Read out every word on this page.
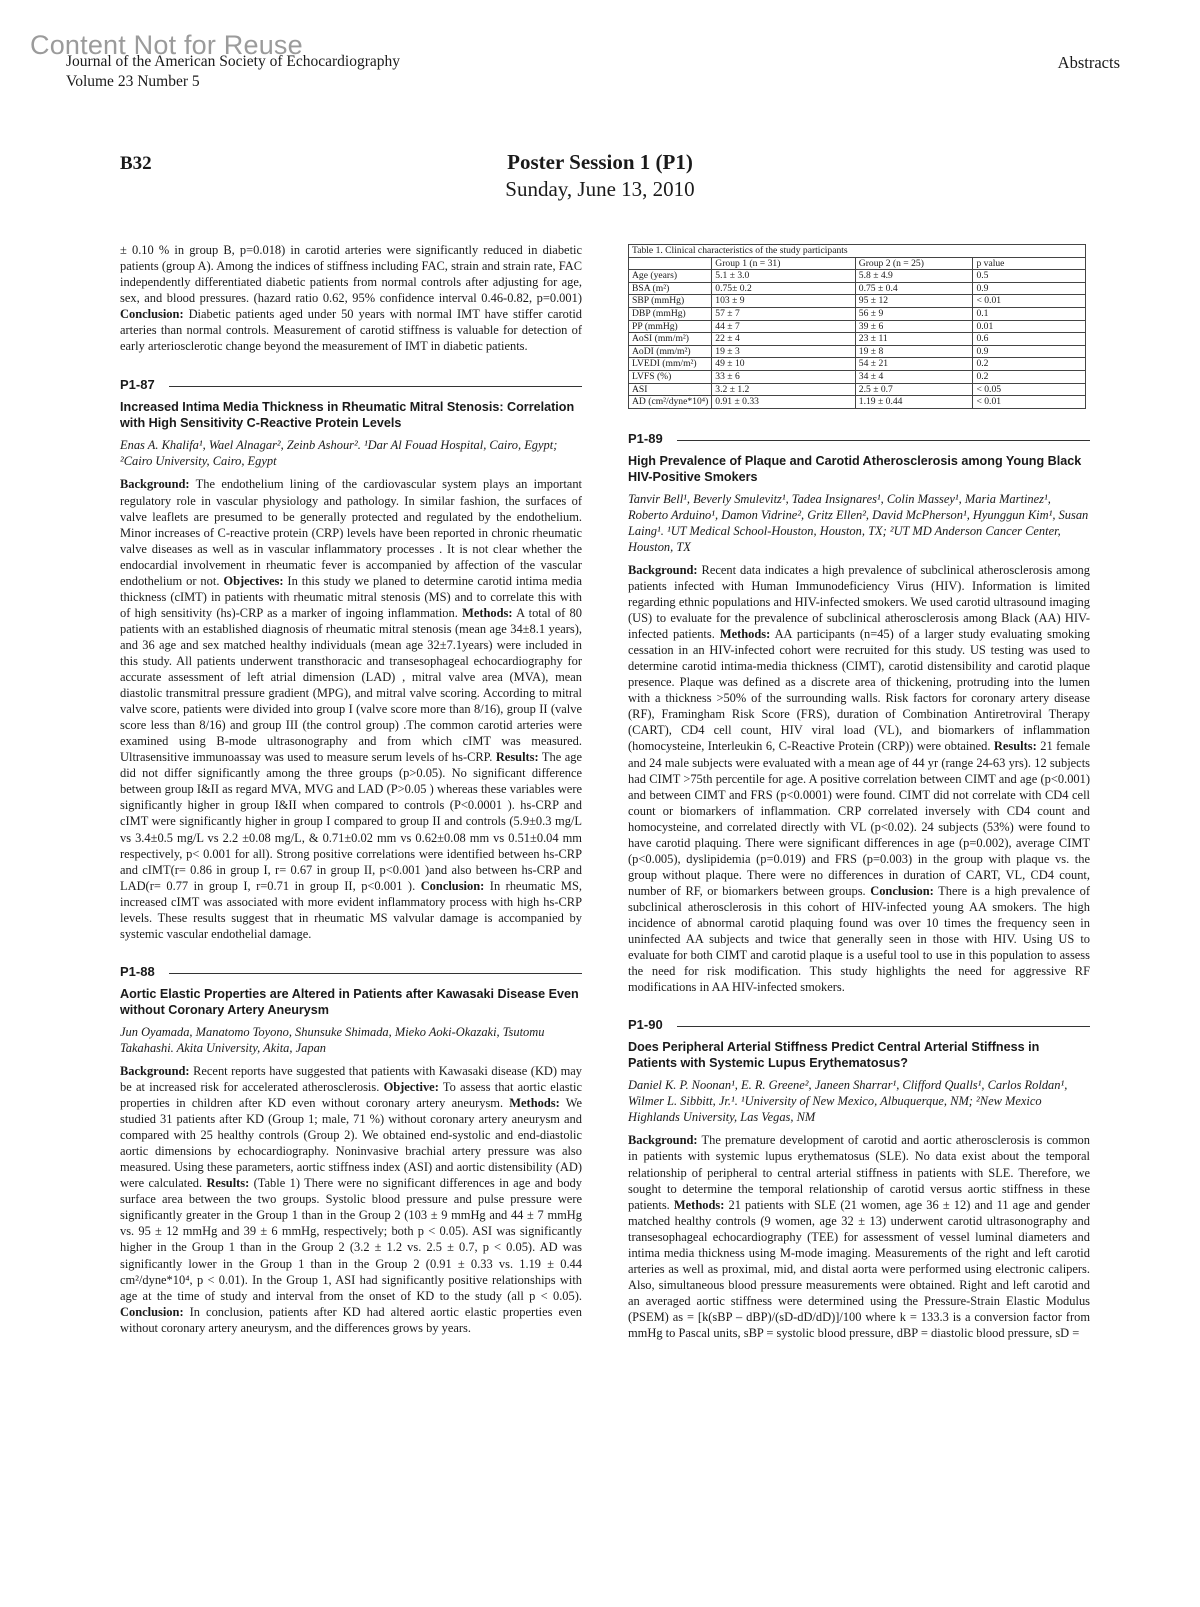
Content Not for Reuse
Journal of the American Society of Echocardiography
Volume 23 Number 5
Abstracts
B32	Poster Session 1 (P1)
Sunday, June 13, 2010

± 0.10 % in group B, p=0.018) in carotid arteries were significantly reduced in diabetic patients (group A). Among the indices of stiffness including FAC, strain and strain rate, FAC independently differentiated diabetic patients from normal controls after adjusting for age, sex, and blood pressures. (hazard ratio 0.62, 95% confidence interval 0.46-0.82, p=0.001) Conclusion: Diabetic patients aged under 50 years with normal IMT have stiffer carotid arteries than normal controls. Measurement of carotid stiffness is valuable for detection of early arteriosclerotic change beyond the measurement of IMT in diabetic patients.

P1-87
Increased Intima Media Thickness in Rheumatic Mitral Stenosis: Correlation with High Sensitivity C-Reactive Protein Levels
Enas A. Khalifa¹, Wael Alnagar², Zeinb Ashour². ¹Dar Al Fouad Hospital, Cairo, Egypt; ²Cairo University, Cairo, Egypt

Background: The endothelium lining of the cardiovascular system plays an important regulatory role in vascular physiology and pathology. In similar fashion, the surfaces of valve leaflets are presumed to be generally protected and regulated by the endothelium. Minor increases of C-reactive protein (CRP) levels have been reported in chronic rheumatic valve diseases as well as in vascular inflammatory processes . It is not clear whether the endocardial involvement in rheumatic fever is accompanied by affection of the vascular endothelium or not. Objectives: In this study we planed to determine carotid intima media thickness (cIMT) in patients with rheumatic mitral stenosis (MS) and to correlate this with of high sensitivity (hs)-CRP as a marker of ingoing inflammation. Methods: A total of 80 patients with an established diagnosis of rheumatic mitral stenosis (mean age 34±8.1 years), and 36 age and sex matched healthy individuals (mean age 32±7.1years) were included in this study. All patients underwent transthoracic and transesophageal echocardiography for accurate assessment of left atrial dimension (LAD) , mitral valve area (MVA), mean diastolic transmitral pressure gradient (MPG), and mitral valve scoring. According to mitral valve score, patients were divided into group I (valve score more than 8/16), group II (valve score less than 8/16) and group III (the control group) .The common carotid arteries were examined using B-mode ultrasonography and from which cIMT was measured. Ultrasensitive immunoassay was used to measure serum levels of hs-CRP. Results: The age did not differ significantly among the three groups (p>0.05). No significant difference between group I&II as regard MVA, MVG and LAD (P>0.05 ) whereas these variables were significantly higher in group I&II when compared to controls (P<0.0001 ). hs-CRP and cIMT were significantly higher in group I compared to group II and controls (5.9±0.3 mg/L vs 3.4±0.5 mg/L vs 2.2 ±0.08 mg/L, & 0.71±0.02 mm vs 0.62±0.08 mm vs 0.51±0.04 mm respectively, p< 0.001 for all). Strong positive correlations were identified between hs-CRP and cIMT(r= 0.86 in group I, r= 0.67 in group II, p<0.001 )and also between hs-CRP and LAD(r= 0.77 in group I, r=0.71 in group II, p<0.001 ). Conclusion: In rheumatic MS, increased cIMT was associated with more evident inflammatory process with high hs-CRP levels. These results suggest that in rheumatic MS valvular damage is accompanied by systemic vascular endothelial damage.

P1-88
Aortic Elastic Properties are Altered in Patients after Kawasaki Disease Even without Coronary Artery Aneurysm
Jun Oyamada, Manatomo Toyono, Shunsuke Shimada, Mieko Aoki-Okazaki, Tsutomu Takahashi. Akita University, Akita, Japan

Background: Recent reports have suggested that patients with Kawasaki disease (KD) may be at increased risk for accelerated atherosclerosis. Objective: To assess that aortic elastic properties in children after KD even without coronary artery aneurysm. Methods: We studied 31 patients after KD (Group 1; male, 71 %) without coronary artery aneurysm and compared with 25 healthy controls (Group 2). We obtained end-systolic and end-diastolic aortic dimensions by echocardiography. Noninvasive brachial artery pressure was also measured. Using these parameters, aortic stiffness index (ASI) and aortic distensibility (AD) were calculated. Results: (Table 1) There were no significant differences in age and body surface area between the two groups. Systolic blood pressure and pulse pressure were significantly greater in the Group 1 than in the Group 2 (103 ± 9 mmHg and 44 ± 7 mmHg vs. 95 ± 12 mmHg and 39 ± 6 mmHg, respectively; both p < 0.05). ASI was significantly higher in the Group 1 than in the Group 2 (3.2 ± 1.2 vs. 2.5 ± 0.7, p < 0.05). AD was significantly lower in the Group 1 than in the Group 2 (0.91 ± 0.33 vs. 1.19 ± 0.44 cm²/dyne*10⁴, p < 0.01). In the Group 1, ASI had significantly positive relationships with age at the time of study and interval from the onset of KD to the study (all p < 0.05). Conclusion: In conclusion, patients after KD had altered aortic elastic properties even without coronary artery aneurysm, and the differences grows by years.

Table 1. Clinical characteristics of the study participants			
	Group 1 (n = 31)	Group 2 (n = 25)	p value
Age (years)	5.1 ± 3.0	5.8 ± 4.9	0.5
BSA (m²)	0.75± 0.2	0.75 ± 0.4	0.9
SBP (mmHg)	103 ± 9	95 ± 12	< 0.01
DBP (mmHg)	57 ± 7	56 ± 9	0.1
PP (mmHg)	44 ± 7	39 ± 6	0.01
AoSI (mm/m²)	22 ± 4	23 ± 11	0.6
AoDI (mm/m²)	19 ± 3	19 ± 8	0.9
LVEDI (mm/m²)	49 ± 10	54 ± 21	0.2
LVFS (%)	33 ± 6	34 ± 4	0.2
ASI	3.2 ± 1.2	2.5 ± 0.7	< 0.05
AD (cm²/dyne*10⁴)	0.91 ± 0.33	1.19 ± 0.44	< 0.01
P1-89
High Prevalence of Plaque and Carotid Atherosclerosis among Young Black HIV-Positive Smokers
Tanvir Bell¹, Beverly Smulevitz¹, Tadea Insignares¹, Colin Massey¹, Maria Martinez¹, Roberto Arduino¹, Damon Vidrine², Gritz Ellen², David McPherson¹, Hyunggun Kim¹, Susan Laing¹. ¹UT Medical School-Houston, Houston, TX; ²UT MD Anderson Cancer Center, Houston, TX

Background: Recent data indicates a high prevalence of subclinical atherosclerosis among patients infected with Human Immunodeficiency Virus (HIV). Information is limited regarding ethnic populations and HIV-infected smokers. We used carotid ultrasound imaging (US) to evaluate for the prevalence of subclinical atherosclerosis among Black (AA) HIV-infected patients. Methods: AA participants (n=45) of a larger study evaluating smoking cessation in an HIV-infected cohort were recruited for this study. US testing was used to determine carotid intima-media thickness (CIMT), carotid distensibility and carotid plaque presence. Plaque was defined as a discrete area of thickening, protruding into the lumen with a thickness >50% of the surrounding walls. Risk factors for coronary artery disease (RF), Framingham Risk Score (FRS), duration of Combination Antiretroviral Therapy (CART), CD4 cell count, HIV viral load (VL), and biomarkers of inflammation (homocysteine, Interleukin 6, C-Reactive Protein (CRP)) were obtained. Results: 21 female and 24 male subjects were evaluated with a mean age of 44 yr (range 24-63 yrs). 12 subjects had CIMT >75th percentile for age. A positive correlation between CIMT and age (p<0.001) and between CIMT and FRS (p<0.0001) were found. CIMT did not correlate with CD4 cell count or biomarkers of inflammation. CRP correlated inversely with CD4 count and homocysteine, and correlated directly with VL (p<0.02). 24 subjects (53%) were found to have carotid plaquing. There were significant differences in age (p=0.002), average CIMT (p<0.005), dyslipidemia (p=0.019) and FRS (p=0.003) in the group with plaque vs. the group without plaque. There were no differences in duration of CART, VL, CD4 count, number of RF, or biomarkers between groups. Conclusion: There is a high prevalence of subclinical atherosclerosis in this cohort of HIV-infected young AA smokers. The high incidence of abnormal carotid plaquing found was over 10 times the frequency seen in uninfected AA subjects and twice that generally seen in those with HIV. Using US to evaluate for both CIMT and carotid plaque is a useful tool to use in this population to assess the need for risk modification. This study highlights the need for aggressive RF modifications in AA HIV-infected smokers.

P1-90
Does Peripheral Arterial Stiffness Predict Central Arterial Stiffness in Patients with Systemic Lupus Erythematosus?
Daniel K. P. Noonan¹, E. R. Greene², Janeen Sharrar¹, Clifford Qualls¹, Carlos Roldan¹, Wilmer L. Sibbitt, Jr.¹. ¹University of New Mexico, Albuquerque, NM; ²New Mexico Highlands University, Las Vegas, NM

Background: The premature development of carotid and aortic atherosclerosis is common in patients with systemic lupus erythematosus (SLE). No data exist about the temporal relationship of peripheral to central arterial stiffness in patients with SLE. Therefore, we sought to determine the temporal relationship of carotid versus aortic stiffness in these patients. Methods: 21 patients with SLE (21 women, age 36 ± 12) and 11 age and gender matched healthy controls (9 women, age 32 ± 13) underwent carotid ultrasonography and transesophageal echocardiography (TEE) for assessment of vessel luminal diameters and intima media thickness using M-mode imaging. Measurements of the right and left carotid arteries as well as proximal, mid, and distal aorta were performed using electronic calipers. Also, simultaneous blood pressure measurements were obtained. Right and left carotid and an averaged aortic stiffness were determined using the Pressure-Strain Elastic Modulus (PSEM) as = [k(sBP – dBP)/(sD-dD/dD)]/100 where k = 133.3 is a conversion factor from mmHg to Pascal units, sBP = systolic blood pressure, dBP = diastolic blood pressure, sD =
